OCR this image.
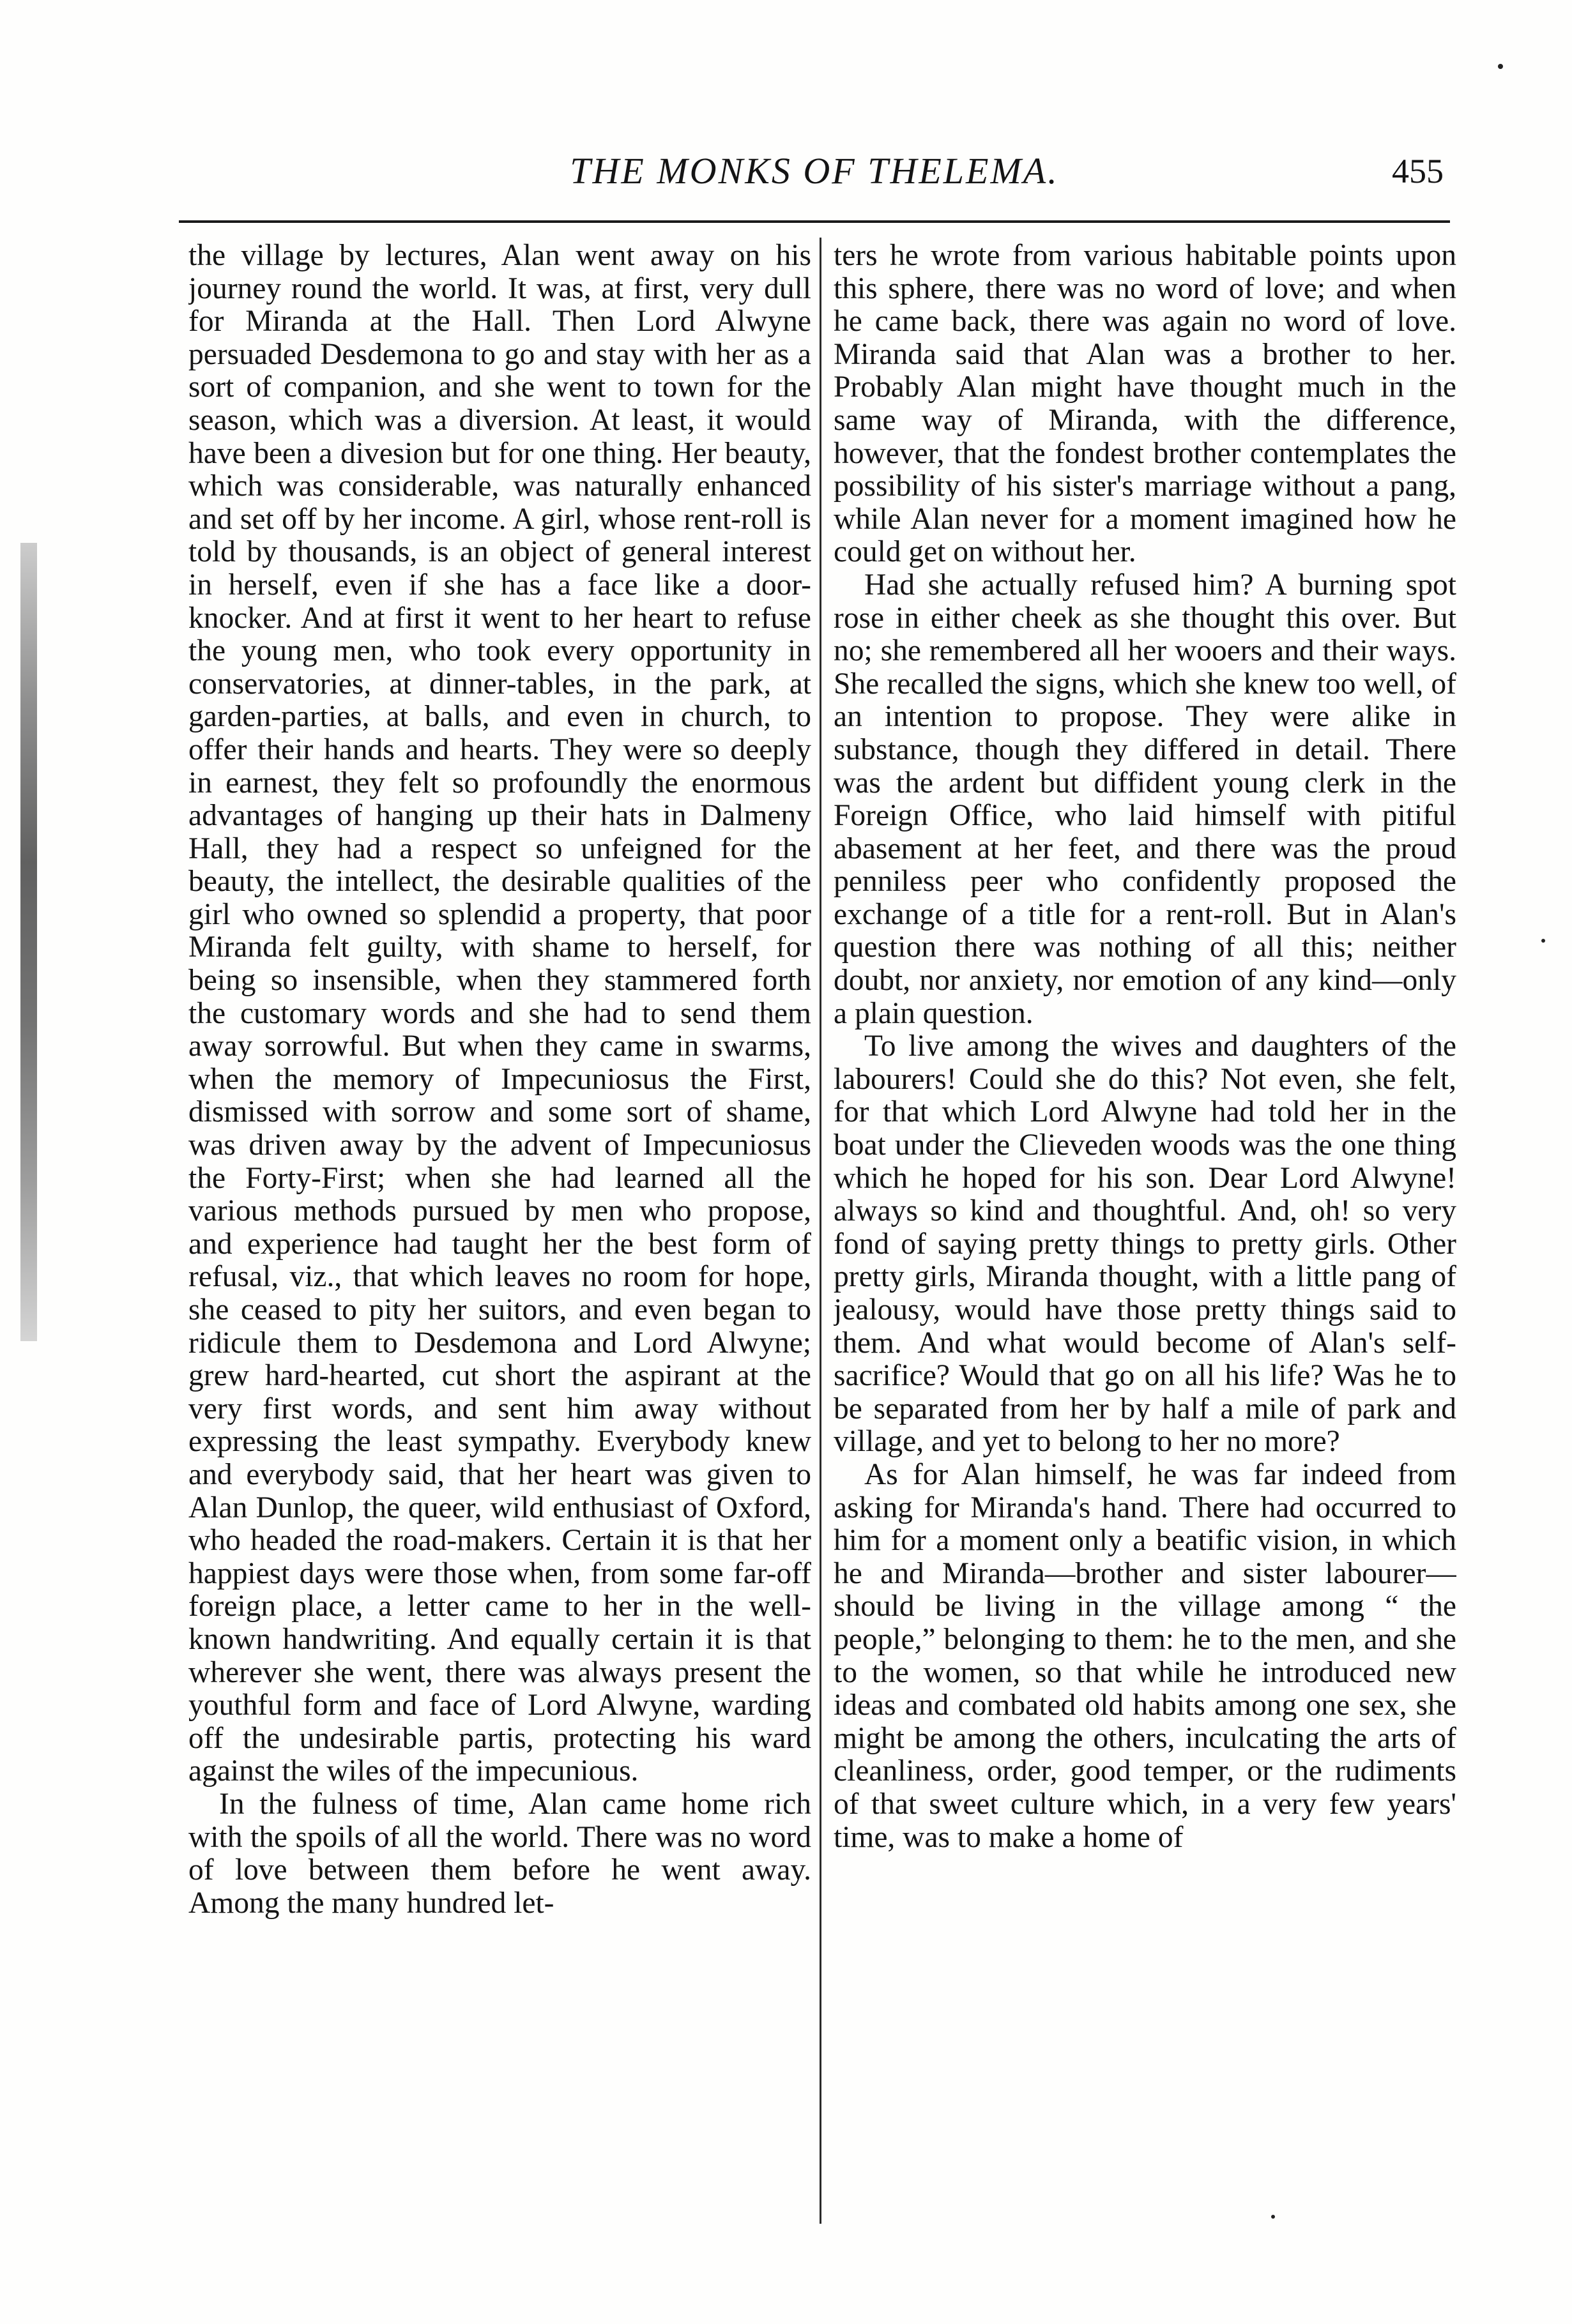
THE MONKS OF THELEMA.	455

the village by lectures, Alan went away on his journey round the world. It was, at first, very dull for Miranda at the Hall. Then Lord Alwyne persuaded Desdemona to go and stay with her as a sort of companion, and she went to town for the season, which was a diversion. At least, it would have been a divesion but for one thing. Her beauty, which was considerable, was naturally enhanced and set off by her income. A girl, whose rent-roll is told by thousands, is an object of general interest in herself, even if she has a face like a door-knocker. And at first it went to her heart to refuse the young men, who took every opportunity in conservatories, at dinner-tables, in the park, at garden-parties, at balls, and even in church, to offer their hands and hearts. They were so deeply in earnest, they felt so profoundly the enormous advantages of hanging up their hats in Dalmeny Hall, they had a respect so unfeigned for the beauty, the intellect, the desirable qualities of the girl who owned so splendid a property, that poor Miranda felt guilty, with shame to herself, for being so insensible, when they stammered forth the customary words and she had to send them away sorrowful. But when they came in swarms, when the memory of Impecuniosus the First, dismissed with sorrow and some sort of shame, was driven away by the advent of Impecuniosus the Forty-First; when she had learned all the various methods pursued by men who propose, and experience had taught her the best form of refusal, viz., that which leaves no room for hope, she ceased to pity her suitors, and even began to ridicule them to Desdemona and Lord Alwyne; grew hard-hearted, cut short the aspirant at the very first words, and sent him away without expressing the least sympathy. Everybody knew and everybody said, that her heart was given to Alan Dunlop, the queer, wild enthusiast of Oxford, who headed the road-makers. Certain it is that her happiest days were those when, from some far-off foreign place, a letter came to her in the well-known handwriting. And equally certain it is that wherever she went, there was always present the youthful form and face of Lord Alwyne, warding off the undesirable partis, protecting his ward against the wiles of the impecunious.

In the fulness of time, Alan came home rich with the spoils of all the world. There was no word of love between them before he went away. Among the many hundred let-

ters he wrote from various habitable points upon this sphere, there was no word of love; and when he came back, there was again no word of love. Miranda said that Alan was a brother to her. Probably Alan might have thought much in the same way of Miranda, with the difference, however, that the fondest brother contemplates the possibility of his sister's marriage without a pang, while Alan never for a moment imagined how he could get on without her.

Had she actually refused him? A burning spot rose in either cheek as she thought this over. But no; she remembered all her wooers and their ways. She recalled the signs, which she knew too well, of an intention to propose. They were alike in substance, though they differed in detail. There was the ardent but diffident young clerk in the Foreign Office, who laid himself with pitiful abasement at her feet, and there was the proud penniless peer who confidently proposed the exchange of a title for a rent-roll. But in Alan's question there was nothing of all this; neither doubt, nor anxiety, nor emotion of any kind—only a plain question.

To live among the wives and daughters of the labourers! Could she do this? Not even, she felt, for that which Lord Alwyne had told her in the boat under the Clieveden woods was the one thing which he hoped for his son. Dear Lord Alwyne! always so kind and thoughtful. And, oh! so very fond of saying pretty things to pretty girls. Other pretty girls, Miranda thought, with a little pang of jealousy, would have those pretty things said to them. And what would become of Alan's self-sacrifice? Would that go on all his life? Was he to be separated from her by half a mile of park and village, and yet to belong to her no more?

As for Alan himself, he was far indeed from asking for Miranda's hand. There had occurred to him for a moment only a beatific vision, in which he and Miranda—brother and sister labourer—should be living in the village among “ the people,” belonging to them: he to the men, and she to the women, so that while he introduced new ideas and combated old habits among one sex, she might be among the others, inculcating the arts of cleanliness, order, good temper, or the rudiments of that sweet culture which, in a very few years' time, was to make a home of
